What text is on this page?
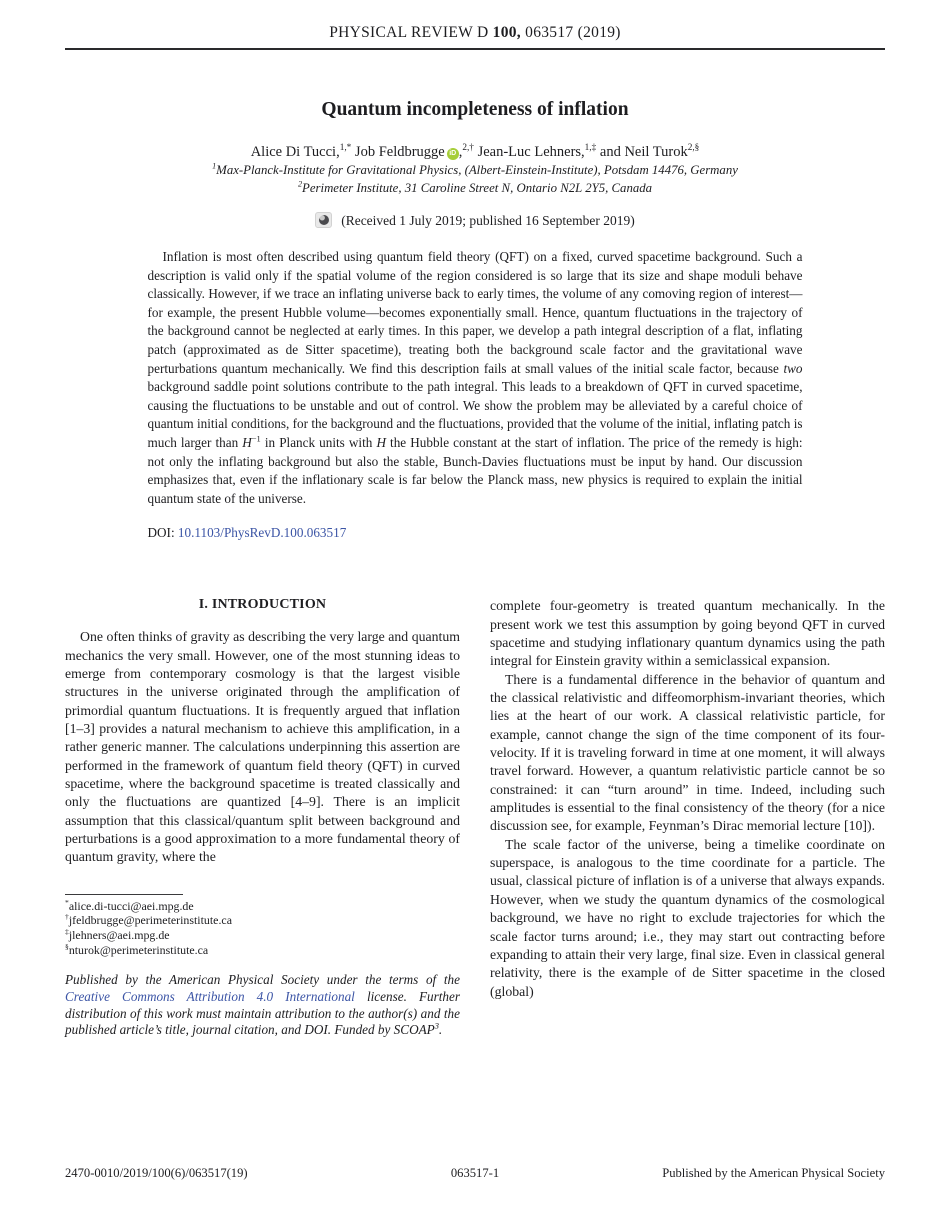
PHYSICAL REVIEW D 100, 063517 (2019)
Quantum incompleteness of inflation
Alice Di Tucci,$^{1,*}$ Job Feldbrugge iD ,$^{2,\dagger}$ Jean-Luc Lehners,$^{1,\ddagger}$ and Neil Turok$^{2,\S}$
$^1$Max-Planck-Institute for Gravitational Physics, (Albert-Einstein-Institute), Potsdam 14476, Germany
$^2$Perimeter Institute, 31 Caroline Street N, Ontario N2L 2Y5, Canada
(Received 1 July 2019; published 16 September 2019)
Inflation is most often described using quantum field theory (QFT) on a fixed, curved spacetime background. Such a description is valid only if the spatial volume of the region considered is so large that its size and shape moduli behave classically. However, if we trace an inflating universe back to early times, the volume of any comoving region of interest—for example, the present Hubble volume—becomes exponentially small. Hence, quantum fluctuations in the trajectory of the background cannot be neglected at early times. In this paper, we develop a path integral description of a flat, inflating patch (approximated as de Sitter spacetime), treating both the background scale factor and the gravitational wave perturbations quantum mechanically. We find this description fails at small values of the initial scale factor, because two background saddle point solutions contribute to the path integral. This leads to a breakdown of QFT in curved spacetime, causing the fluctuations to be unstable and out of control. We show the problem may be alleviated by a careful choice of quantum initial conditions, for the background and the fluctuations, provided that the volume of the initial, inflating patch is much larger than $H^{-1}$ in Planck units with H the Hubble constant at the start of inflation. The price of the remedy is high: not only the inflating background but also the stable, Bunch-Davies fluctuations must be input by hand. Our discussion emphasizes that, even if the inflationary scale is far below the Planck mass, new physics is required to explain the initial quantum state of the universe.
DOI: 10.1103/PhysRevD.100.063517
I. INTRODUCTION

One often thinks of gravity as describing the very large and quantum mechanics the very small. However, one of the most stunning ideas to emerge from contemporary cosmology is that the largest visible structures in the universe originated through the amplification of primordial quantum fluctuations. It is frequently argued that inflation [1–3] provides a natural mechanism to achieve this amplification, in a rather generic manner. The calculations underpinning this assertion are performed in the framework of quantum field theory (QFT) in curved spacetime, where the background spacetime is treated classically and only the fluctuations are quantized [4–9]. There is an implicit assumption that this classical/quantum split between background and perturbations is a good approximation to a more fundamental theory of quantum gravity, where the

*alice.di-tucci@aei.mpg.de
†jfeldbrugge@perimeterinstitute.ca
‡jlehners@aei.mpg.de
§nturok@perimeterinstitute.ca
Published by the American Physical Society under the terms of the Creative Commons Attribution 4.0 International license. Further distribution of this work must maintain attribution to the author(s) and the published article’s title, journal citation, and DOI. Funded by SCOAP$^3$.

complete four-geometry is treated quantum mechanically. In the present work we test this assumption by going beyond QFT in curved spacetime and studying inflationary quantum dynamics using the path integral for Einstein gravity within a semiclassical expansion.

There is a fundamental difference in the behavior of quantum and the classical relativistic and diffeomorphism-invariant theories, which lies at the heart of our work. A classical relativistic particle, for example, cannot change the sign of the time component of its four-velocity. If it is traveling forward in time at one moment, it will always travel forward. However, a quantum relativistic particle cannot be so constrained: it can “turn around” in time. Indeed, including such amplitudes is essential to the final consistency of the theory (for a nice discussion see, for example, Feynman’s Dirac memorial lecture [10]).

The scale factor of the universe, being a timelike coordinate on superspace, is analogous to the time coordinate for a particle. The usual, classical picture of inflation is of a universe that always expands. However, when we study the quantum dynamics of the cosmological background, we have no right to exclude trajectories for which the scale factor turns around; i.e., they may start out contracting before expanding to attain their very large, final size. Even in classical general relativity, there is the example of de Sitter spacetime in the closed (global)

2470-0010/2019/100(6)/063517(19)	063517-1	Published by the American Physical Society
